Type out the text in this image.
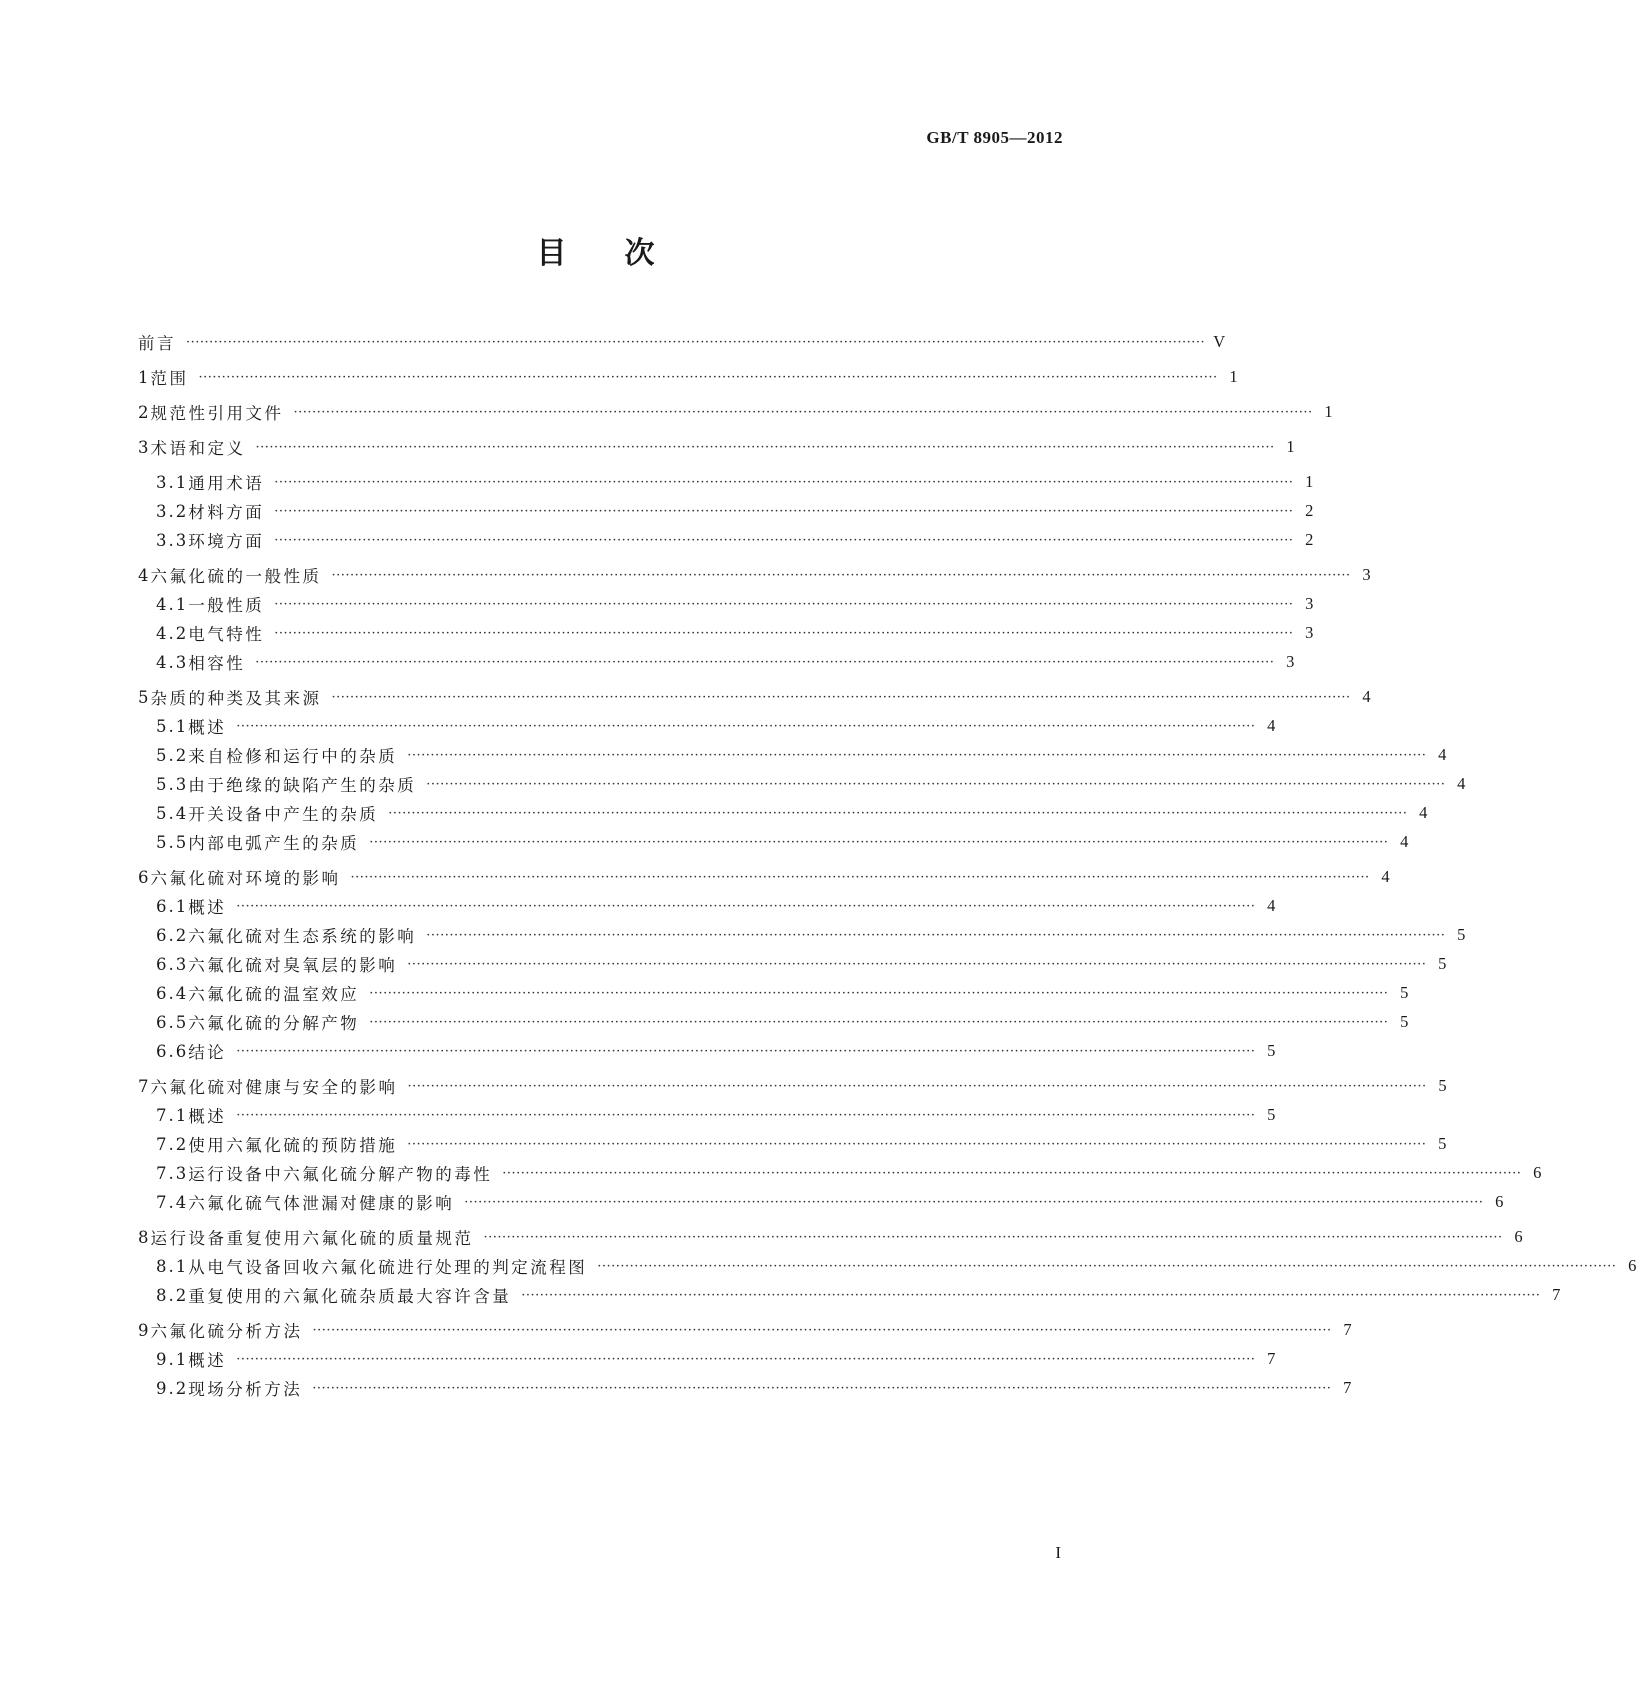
GB/T 8905—2012
目 次
前言 ···························································································································································································································· V
1 范围 ···························································································································································································································· 1
2 规范性引用文件 ···························································································································································································································· 1
3 术语和定义 ···························································································································································································································· 1
3.1 通用术语 ···························································································································································································································· 1
3.2 材料方面 ···························································································································································································································· 2
3.3 环境方面 ···························································································································································································································· 2
4 六氟化硫的一般性质 ···························································································································································································································· 3
4.1 一般性质 ···························································································································································································································· 3
4.2 电气特性 ···························································································································································································································· 3
4.3 相容性 ···························································································································································································································· 3
5 杂质的种类及其来源 ···························································································································································································································· 4
5.1 概述 ···························································································································································································································· 4
5.2 来自检修和运行中的杂质 ···························································································································································································································· 4
5.3 由于绝缘的缺陷产生的杂质 ···························································································································································································································· 4
5.4 开关设备中产生的杂质 ···························································································································································································································· 4
5.5 内部电弧产生的杂质 ···························································································································································································································· 4
6 六氟化硫对环境的影响 ···························································································································································································································· 4
6.1 概述 ···························································································································································································································· 4
6.2 六氟化硫对生态系统的影响 ···························································································································································································································· 5
6.3 六氟化硫对臭氧层的影响 ···························································································································································································································· 5
6.4 六氟化硫的温室效应 ···························································································································································································································· 5
6.5 六氟化硫的分解产物 ···························································································································································································································· 5
6.6 结论 ···························································································································································································································· 5
7 六氟化硫对健康与安全的影响 ···························································································································································································································· 5
7.1 概述 ···························································································································································································································· 5
7.2 使用六氟化硫的预防措施 ···························································································································································································································· 5
7.3 运行设备中六氟化硫分解产物的毒性 ···························································································································································································································· 6
7.4 六氟化硫气体泄漏对健康的影响 ···························································································································································································································· 6
8 运行设备重复使用六氟化硫的质量规范 ···························································································································································································································· 6
8.1 从电气设备回收六氟化硫进行处理的判定流程图 ···························································································································································································································· 6
8.2 重复使用的六氟化硫杂质最大容许含量 ···························································································································································································································· 7
9 六氟化硫分析方法 ···························································································································································································································· 7
9.1 概述 ···························································································································································································································· 7
9.2 现场分析方法 ···························································································································································································································· 7
I
